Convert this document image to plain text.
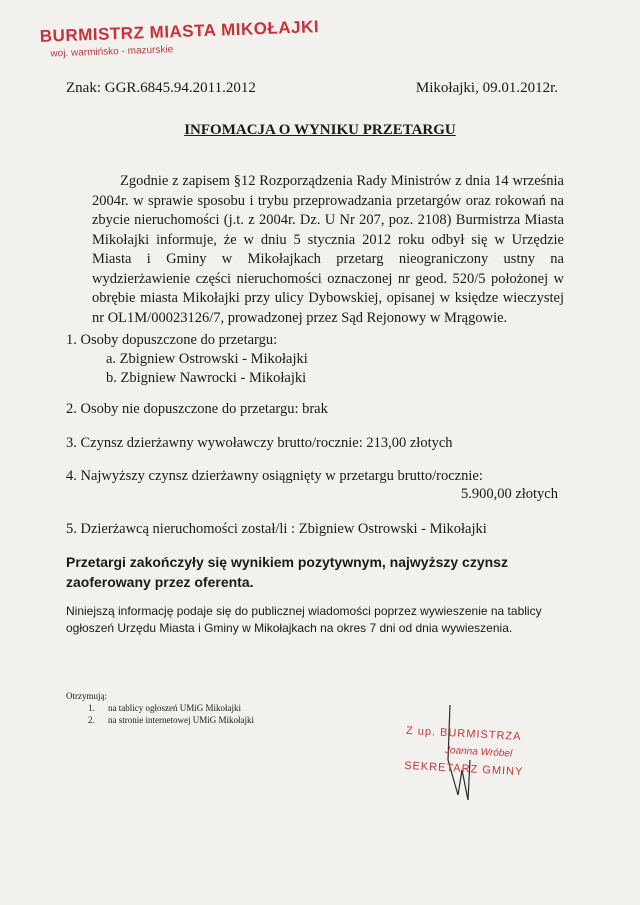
BURMISTRZ MIASTA MIKOŁAJKI
woj. warmińsko - mazurskie
Znak: GGR.6845.94.2011.2012	Mikołajki, 09.01.2012r.
INFOMACJA O WYNIKU PRZETARGU
Zgodnie z zapisem §12 Rozporządzenia Rady Ministrów z dnia 14 września 2004r. w sprawie sposobu i trybu przeprowadzania przetargów oraz rokowań na zbycie nieruchomości (j.t. z 2004r. Dz. U Nr 207, poz. 2108) Burmistrza Miasta Mikołajki informuje, że w dniu 5 stycznia 2012 roku odbył się w Urzędzie Miasta i Gminy w Mikołajkach przetarg nieograniczony ustny na wydzierżawienie części nieruchomości oznaczonej nr geod. 520/5 położonej w obrębie miasta Mikołajki przy ulicy Dybowskiej, opisanej w księdze wieczystej nr OL1M/00023126/7, prowadzonej przez Sąd Rejonowy w Mrągowie.
1. Osoby dopuszczone do przetargu:
a. Zbigniew Ostrowski - Mikołajki
b. Zbigniew Nawrocki - Mikołajki
2. Osoby nie dopuszczone do przetargu: brak
3. Czynsz dzierżawny wywoławczy brutto/rocznie: 213,00 złotych
4. Najwyższy czynsz dzierżawny osiągnięty w przetargu brutto/rocznie:
5.900,00 złotych
5. Dzierżawcą nieruchomości został/li : Zbigniew Ostrowski - Mikołajki
Przetargi zakończyły się wynikiem pozytywnym, najwyższy czynsz zaoferowany przez oferenta.
Niniejszą informację podaje się do publicznej wiadomości poprzez wywieszenie na tablicy ogłoszeń Urzędu Miasta i Gminy w Mikołajkach na okres 7 dni od dnia wywieszenia.
Otrzymują:
1. na tablicy ogłoszeń UMiG Mikołajki
2. na stronie internetowej UMiG Mikołajki
Z up. BURMISTRZA
Joanna Wróbel
SEKRETARZ GMINY
